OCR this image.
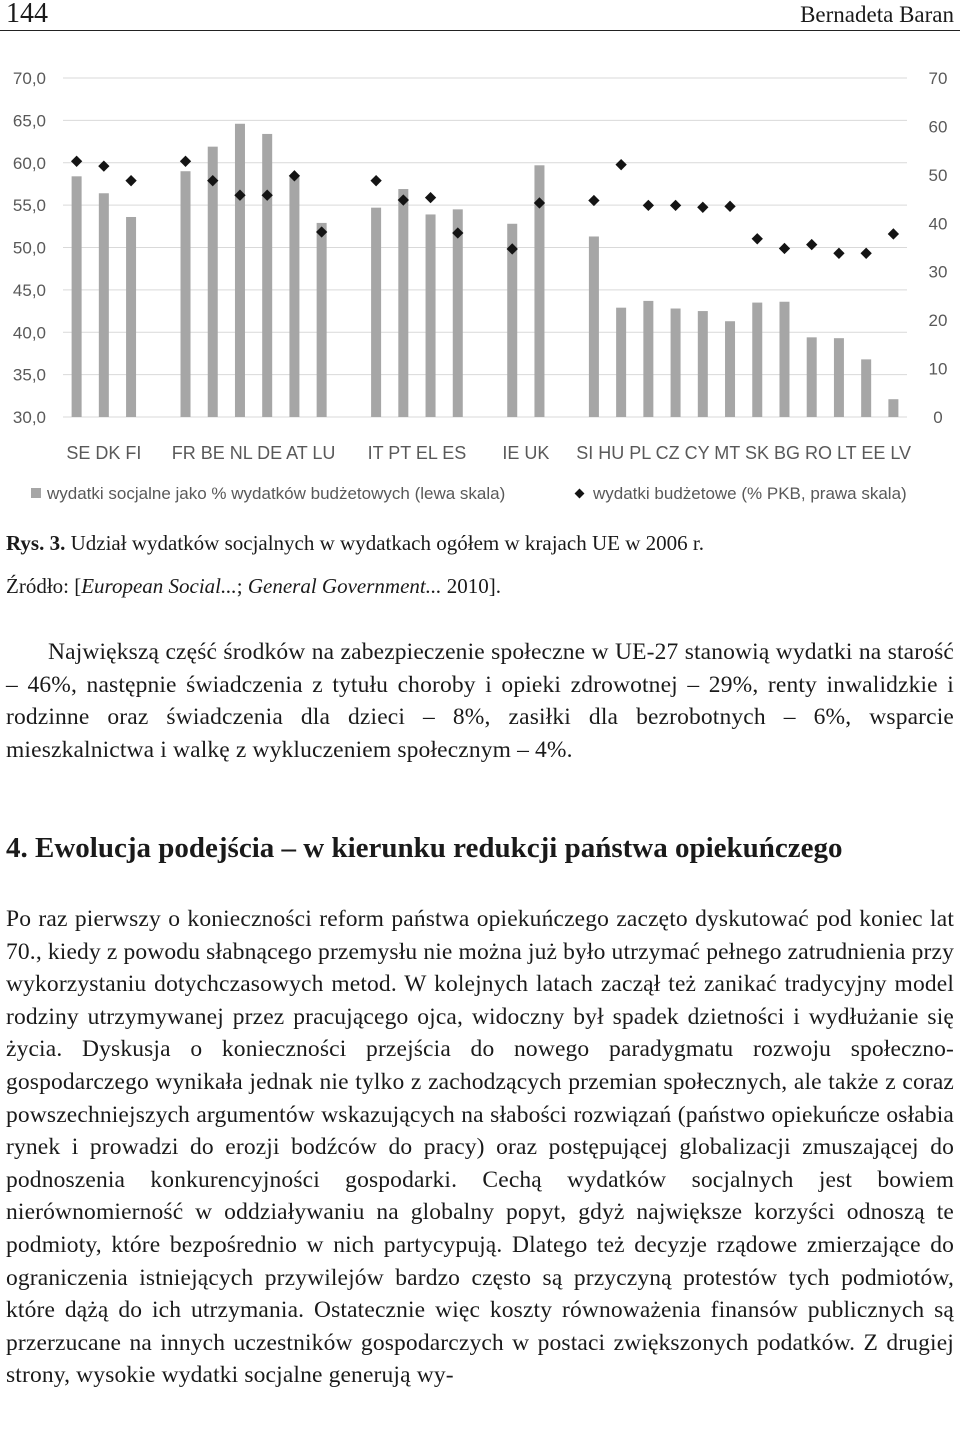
144	Bernadeta Baran
30,0
35,0
40,0
45,0
50,0
55,0
60,0
65,0
70,0
0
10
20
30
40
50
60
70
SE DK FI FR BE NL DE AT LU IT PT EL ES IE UK SI HU PL CZ CY MT SK BG RO LT EE LV
wydatki socjalne jako % wydatków budżetowych (lewa skala)	wydatki budżetowe (% PKB, prawa skala)
Rys. 3. Udział wydatków socjalnych w wydatkach ogółem w krajach UE w 2006 r.
Źródło: [European Social...; General Government... 2010].

Największą część środków na zabezpieczenie społeczne w UE-27 stanowią wydatki na starość – 46%, następnie świadczenia z tytułu choroby i opieki zdrowotnej – 29%, renty inwalidzkie i rodzinne oraz świadczenia dla dzieci – 8%, zasiłki dla bezrobotnych – 6%, wsparcie mieszkalnictwa i walkę z wykluczeniem społecznym – 4%.

4. Ewolucja podejścia – w kierunku redukcji państwa opiekuńczego

Po raz pierwszy o konieczności reform państwa opiekuńczego zaczęto dyskutować pod koniec lat 70., kiedy z powodu słabnącego przemysłu nie można już było utrzymać pełnego zatrudnienia przy wykorzystaniu dotychczasowych metod. W kolejnych latach zaczął też zanikać tradycyjny model rodziny utrzymywanej przez pracującego ojca, widoczny był spadek dzietności i wydłużanie się życia. Dyskusja o konieczności przejścia do nowego paradygmatu rozwoju społeczno-gospodarczego wynikała jednak nie tylko z zachodzących przemian społecznych, ale także z coraz powszechniejszych argumentów wskazujących na słabości rozwiązań (państwo opiekuńcze osłabia rynek i prowadzi do erozji bodźców do pracy) oraz postępującej globalizacji zmuszającej do podnoszenia konkurencyjności gospodarki. Cechą wydatków socjalnych jest bowiem nierównomierność w oddziaływaniu na globalny popyt, gdyż największe korzyści odnoszą te podmioty, które bezpośrednio w nich partycypują. Dlatego też decyzje rządowe zmierzające do ograniczenia istniejących przywilejów bardzo często są przyczyną protestów tych podmiotów, które dążą do ich utrzymania. Ostatecznie więc koszty równoważenia finansów publicznych są przerzucane na innych uczestników gospodarczych w postaci zwiększonych podatków. Z drugiej strony, wysokie wydatki socjalne generują wy-
